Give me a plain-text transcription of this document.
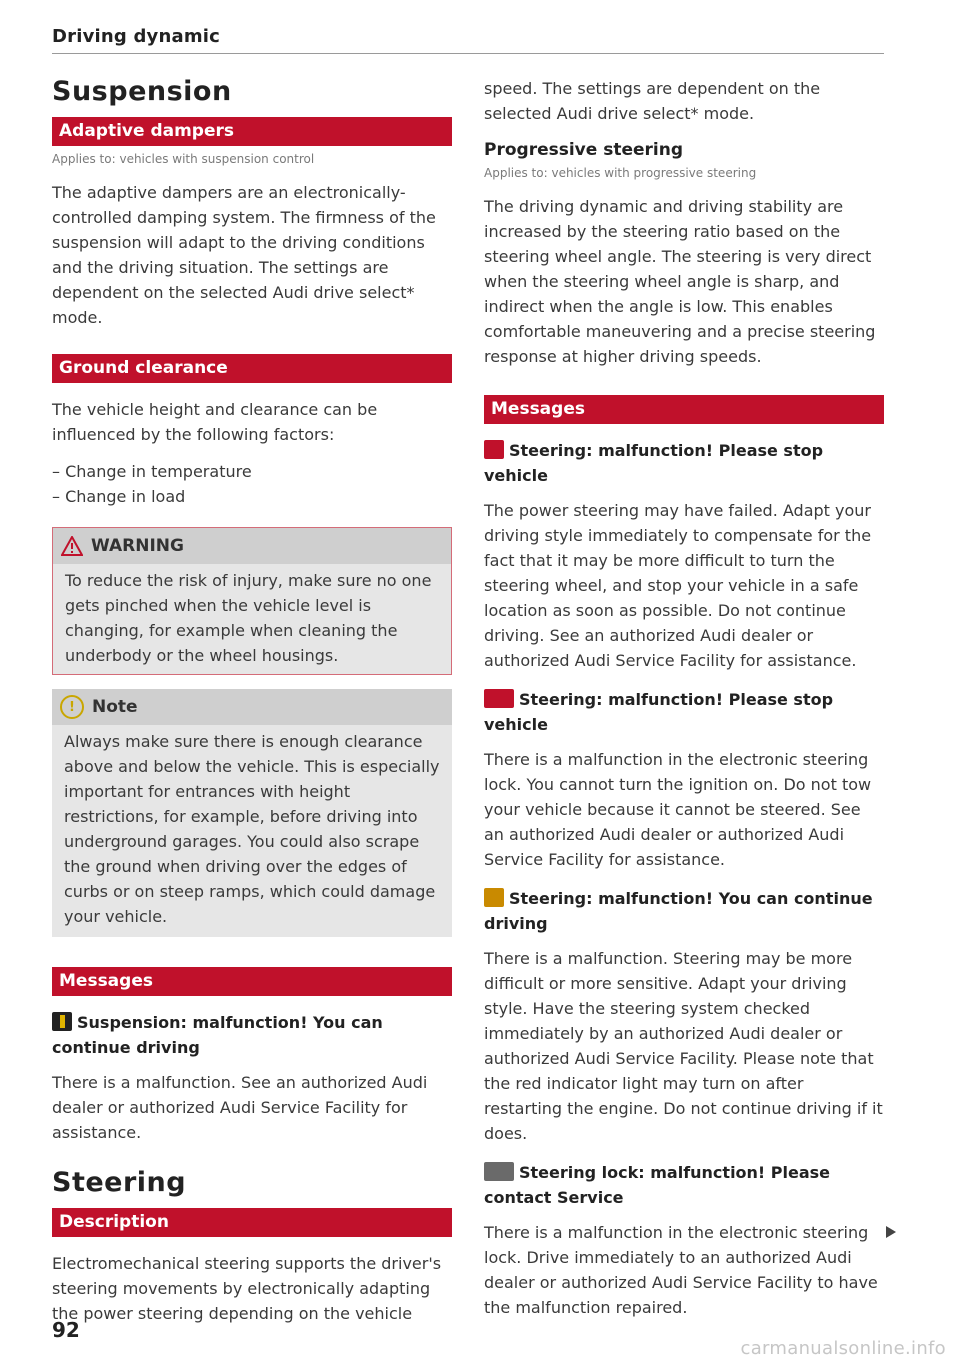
Driving dynamic
Suspension
Adaptive dampers
Applies to: vehicles with suspension control

The adaptive dampers are an electronically-controlled damping system. The firmness of the suspension will adapt to the driving conditions and the driving situation. The settings are dependent on the selected Audi drive select* mode.

Ground clearance

The vehicle height and clearance can be influenced by the following factors:

– Change in temperature
– Change in load
WARNING

To reduce the risk of injury, make sure no one gets pinched when the vehicle level is changing, for example when cleaning the underbody or the wheel housings.

!	Note

Always make sure there is enough clearance above and below the vehicle. This is especially important for entrances with height restrictions, for example, before driving into underground garages. You could also scrape the ground when driving over the edges of curbs or on steep ramps, which could damage your vehicle.

Messages
Suspension: malfunction! You can continue driving

There is a malfunction. See an authorized Audi dealer or authorized Audi Service Facility for assistance.

Steering
Description

Electromechanical steering supports the driver's steering movements by electronically adapting the power steering depending on the vehicle

speed. The settings are dependent on the selected Audi drive select* mode.

Progressive steering
Applies to: vehicles with progressive steering

The driving dynamic and driving stability are increased by the steering ratio based on the steering wheel angle. The steering is very direct when the steering wheel angle is sharp, and indirect when the angle is low. This enables comfortable maneuvering and a precise steering response at higher driving speeds.

Messages
Steering: malfunction! Please stop vehicle

The power steering may have failed. Adapt your driving style immediately to compensate for the fact that it may be more difficult to turn the steering wheel, and stop your vehicle in a safe location as soon as possible. Do not continue driving. See an authorized Audi dealer or authorized Audi Service Facility for assistance.

Steering: malfunction! Please stop vehicle

There is a malfunction in the electronic steering lock. You cannot turn the ignition on. Do not tow your vehicle because it cannot be steered. See an authorized Audi dealer or authorized Audi Service Facility for assistance.

Steering: malfunction! You can continue driving

There is a malfunction. Steering may be more difficult or more sensitive. Adapt your driving style. Have the steering system checked immediately by an authorized Audi dealer or authorized Audi Service Facility. Please note that the red indicator light may turn on after restarting the engine. Do not continue driving if it does.

Steering lock: malfunction! Please contact Service

There is a malfunction in the electronic steering lock. Drive immediately to an authorized Audi dealer or authorized Audi Service Facility to have the malfunction repaired.

92
carmanualsonline.info
